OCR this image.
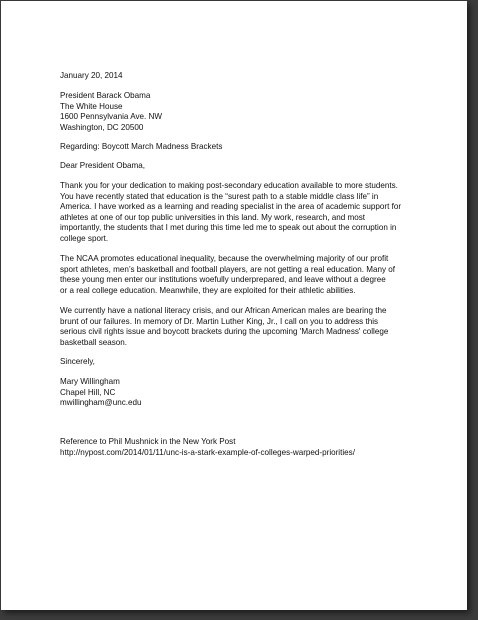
January 20, 2014
President Barack Obama
The White House
1600 Pennsylvania Ave. NW
Washington, DC 20500
Regarding: Boycott March Madness Brackets
Dear President Obama,
Thank you for your dedication to making post-secondary education available to more students.
You have recently stated that education is the “surest path to a stable middle class life” in
America. I have worked as a learning and reading specialist in the area of academic support for
athletes at one of our top public universities in this land. My work, research, and most
importantly, the students that I met during this time led me to speak out about the corruption in
college sport.
The NCAA promotes educational inequality, because the overwhelming majority of our profit
sport athletes, men’s basketball and football players, are not getting a real education. Many of
these young men enter our institutions woefully underprepared, and leave without a degree
or a real college education. Meanwhile, they are exploited for their athletic abilities.
We currently have a national literacy crisis, and our African American males are bearing the
brunt of our failures. In memory of Dr. Martin Luther King, Jr., I call on you to address this
serious civil rights issue and boycott brackets during the upcoming 'March Madness' college
basketball season.
Sincerely,
Mary Willingham
Chapel Hill, NC
mwillingham@unc.edu
Reference to Phil Mushnick in the New York Post
http://nypost.com/2014/01/11/unc-is-a-stark-example-of-colleges-warped-priorities/
